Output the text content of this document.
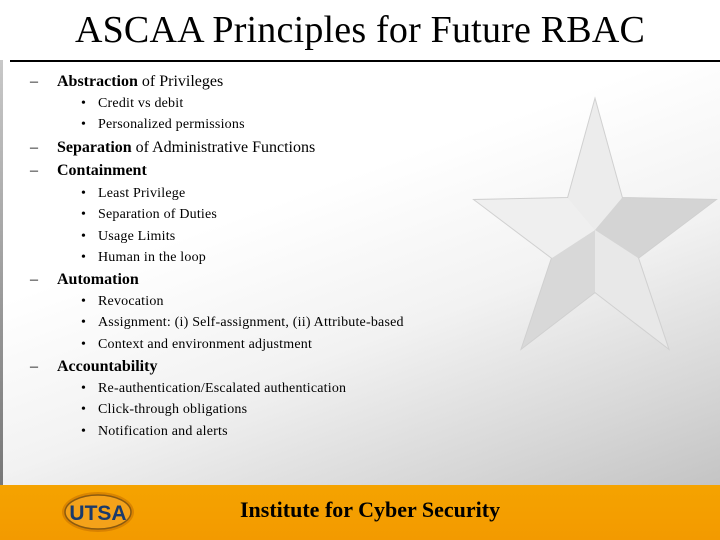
ASCAA Principles for Future RBAC
–	Abstraction of Privileges
• Credit vs debit
• Personalized permissions
–	Separation of Administrative Functions
–	Containment
• Least Privilege
• Separation of Duties
• Usage Limits
• Human in the loop
–	Automation
• Revocation
• Assignment: (i) Self-assignment, (ii) Attribute-based
• Context and environment adjustment
–	Accountability
• Re-authentication/Escalated authentication
• Click-through obligations
• Notification and alerts
UTSA	Institute for Cyber Security
